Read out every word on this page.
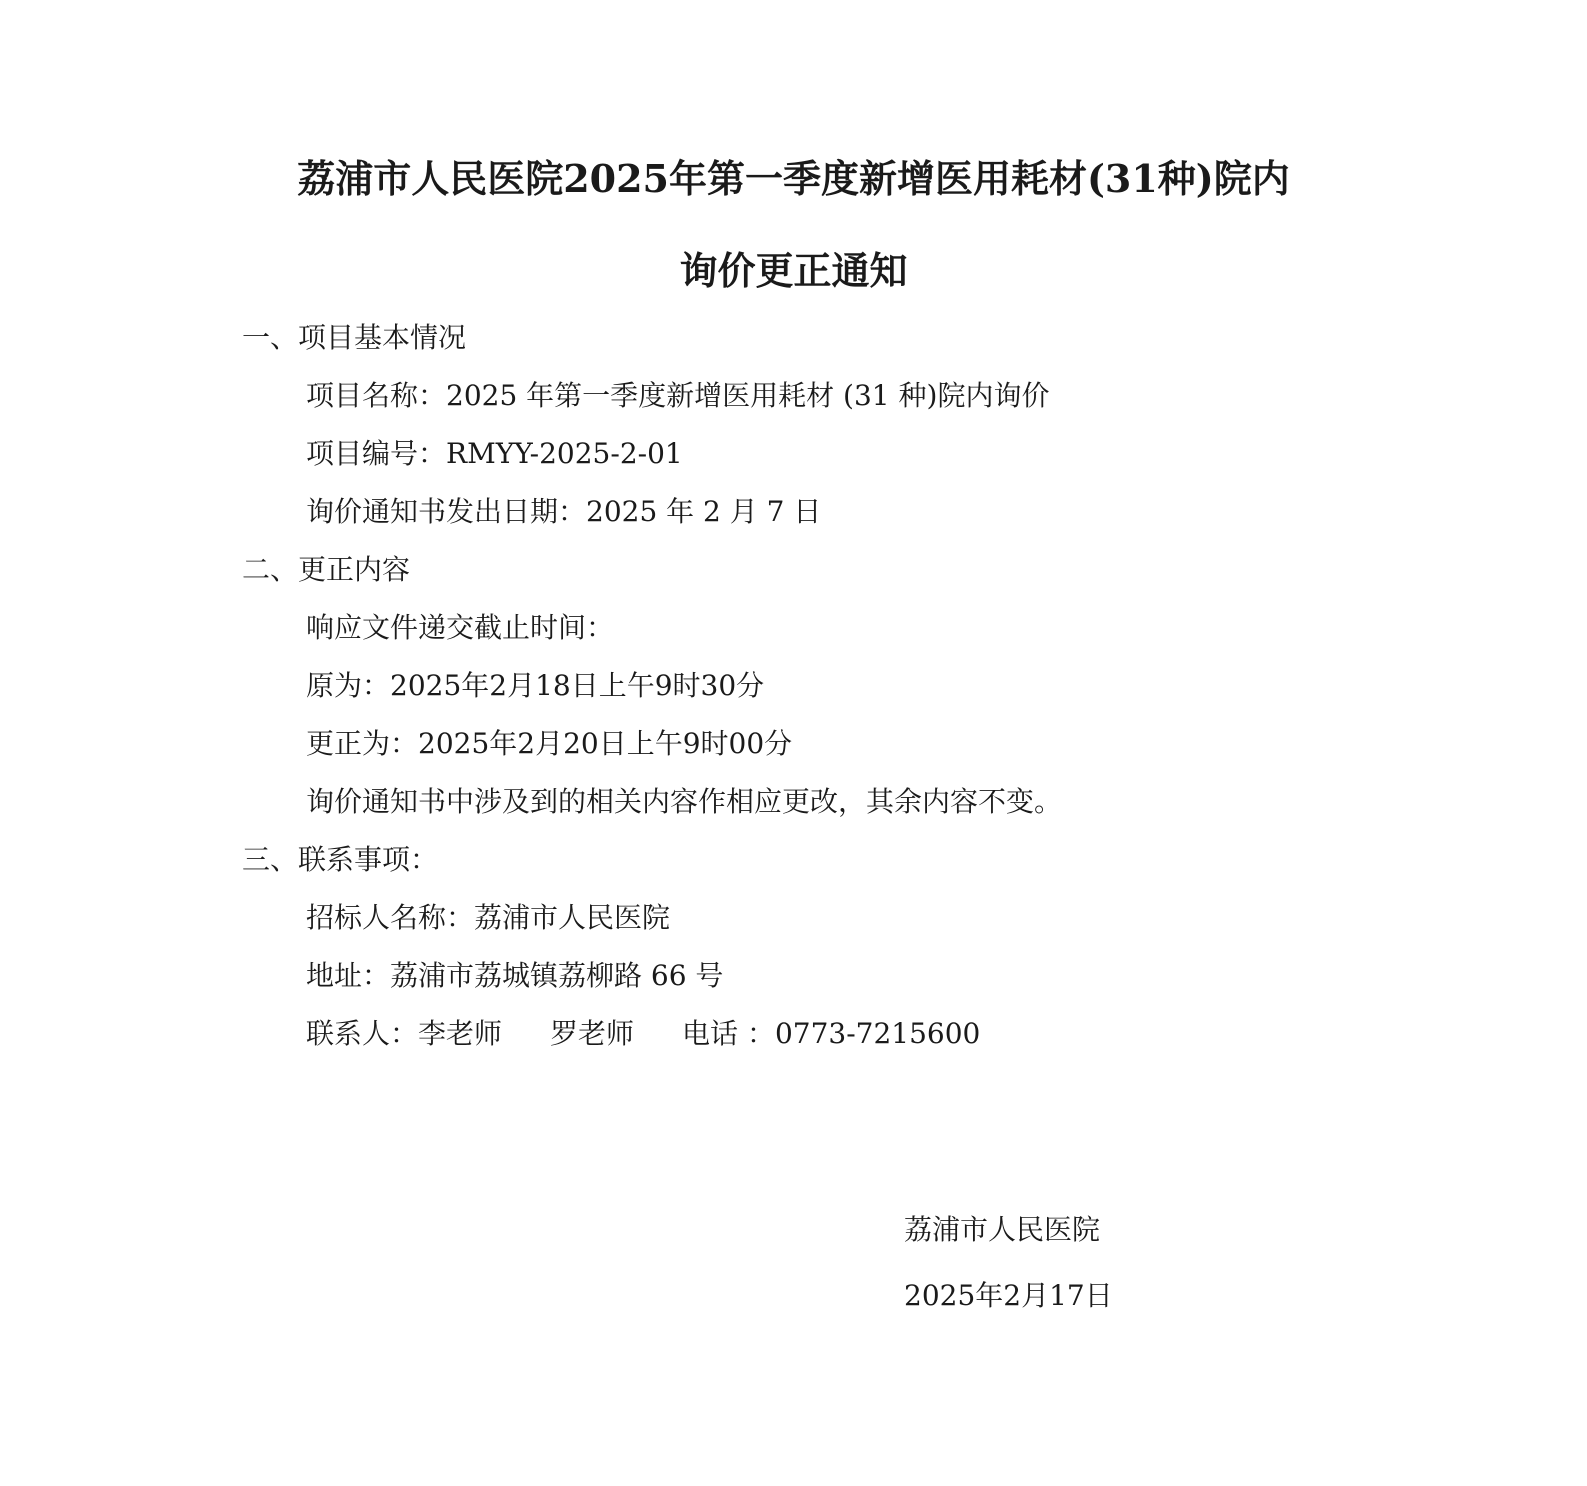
荔浦市人民医院2025年第一季度新增医用耗材(31种)院内
询价更正通知
一、项目基本情况
项目名称：2025 年第一季度新增医用耗材 (31 种)院内询价
项目编号：RMYY-2025-2-01
询价通知书发出日期：2025 年 2 月 7 日
二、更正内容
响应文件递交截止时间：
原为：2025年2月18日上午9时30分
更正为：2025年2月20日上午9时00分
询价通知书中涉及到的相关内容作相应更改，其余内容不变。
三、联系事项：
招标人名称：荔浦市人民医院
地址：荔浦市荔城镇荔柳路 66 号
联系人：李老师 罗老师 电话 ：0773-7215600
荔浦市人民医院
2025年2月17日
